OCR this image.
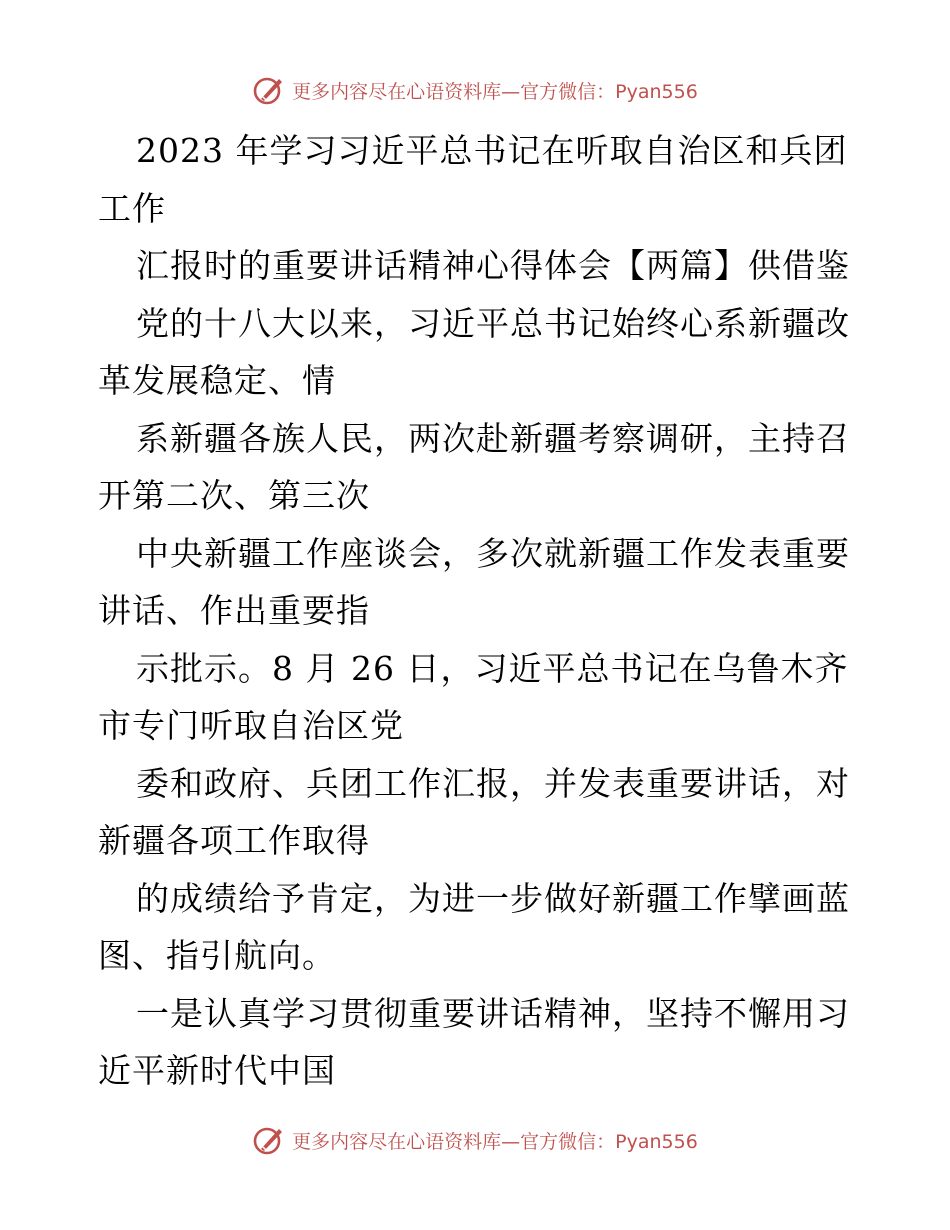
更多内容尽在心语资料库—官方微信：Pyan556

2023 年学习习近平总书记在听取自治区和兵团工作

汇报时的重要讲话精神心得体会【两篇】供借鉴

党的十八大以来，习近平总书记始终心系新疆改革发展稳定、情

系新疆各族人民，两次赴新疆考察调研，主持召开第二次、第三次

中央新疆工作座谈会，多次就新疆工作发表重要讲话、作出重要指

示批示。8 月 26 日，习近平总书记在乌鲁木齐市专门听取自治区党

委和政府、兵团工作汇报，并发表重要讲话，对新疆各项工作取得

的成绩给予肯定，为进一步做好新疆工作擘画蓝图、指引航向。

一是认真学习贯彻重要讲话精神，坚持不懈用习近平新时代中国

更多内容尽在心语资料库—官方微信：Pyan556
